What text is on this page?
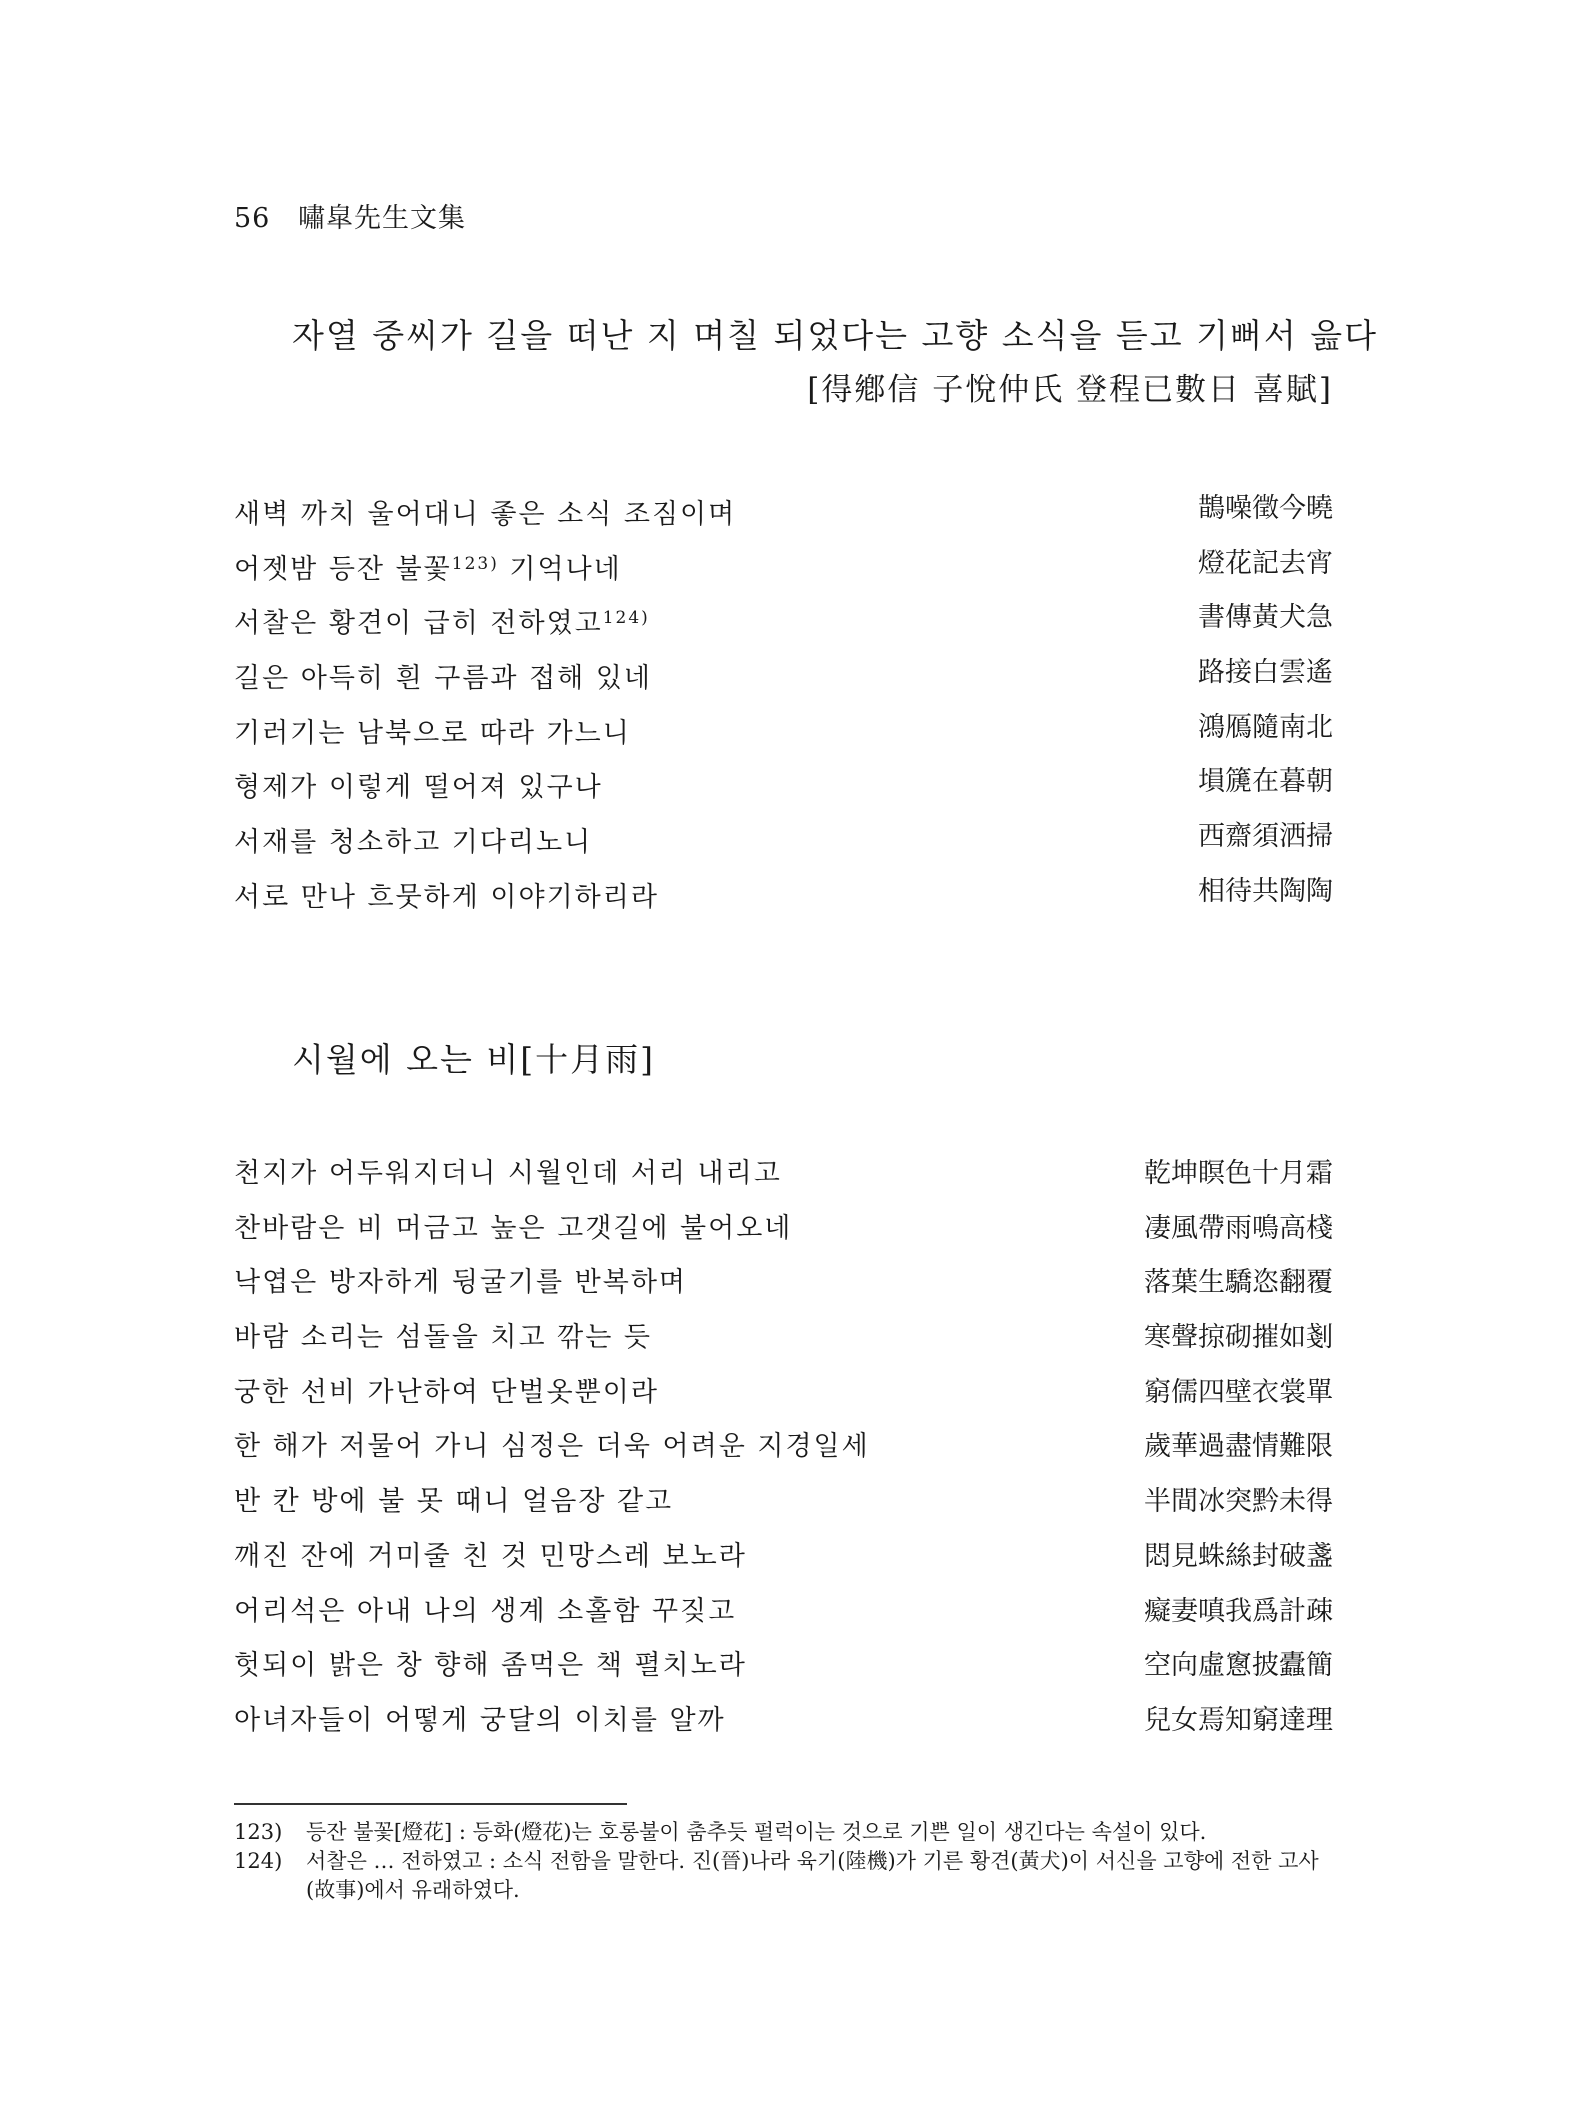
56 嘯皐先生文集
자열 중씨가 길을 떠난 지 며칠 되었다는 고향 소식을 듣고 기뻐서 읊다
[得鄕信 子悅仲氏 登程已數日 喜賦]
새벽 까치 울어대니 좋은 소식 조짐이며	鵲噪徵今曉
어젯밤 등잔 불꽃$^{123)}$ 기억나네	燈花記去宵
서찰은 황견이 급히 전하였고$^{124)}$	書傳黃犬急
길은 아득히 흰 구름과 접해 있네	路接白雲遙
기러기는 남북으로 따라 가느니	鴻鴈隨南北
형제가 이렇게 떨어져 있구나	塤篪在暮朝
서재를 청소하고 기다리노니	西齋須洒掃
서로 만나 흐뭇하게 이야기하리라	相待共陶陶
시월에 오는 비[十月雨]
천지가 어두워지더니 시월인데 서리 내리고	乾坤瞑色十月霜
찬바람은 비 머금고 높은 고갯길에 불어오네	凄風帶雨鳴高棧
낙엽은 방자하게 뒹굴기를 반복하며	落葉生驕恣翻覆
바람 소리는 섬돌을 치고 깎는 듯	寒聲掠砌摧如剗
궁한 선비 가난하여 단벌옷뿐이라	窮儒四壁衣裳單
한 해가 저물어 가니 심정은 더욱 어려운 지경일세	歲華過盡情難限
반 칸 방에 불 못 때니 얼음장 같고	半間冰突黔未得
깨진 잔에 거미줄 친 것 민망스레 보노라	悶見蛛絲封破盞
어리석은 아내 나의 생계 소홀함 꾸짖고	癡妻嗔我爲計疎
헛되이 밝은 창 향해 좀먹은 책 펼치노라	空向虛窻披蠹簡
아녀자들이 어떻게 궁달의 이치를 알까	兒女焉知窮達理
123) 등잔 불꽃[燈花] : 등화(燈花)는 호롱불이 춤추듯 펄럭이는 것으로 기쁜 일이 생긴다는 속설이 있다.
124) 서찰은 … 전하였고 : 소식 전함을 말한다. 진(晉)나라 육기(陸機)가 기른 황견(黃犬)이 서신을 고향에 전한 고사(故事)에서 유래하였다.
